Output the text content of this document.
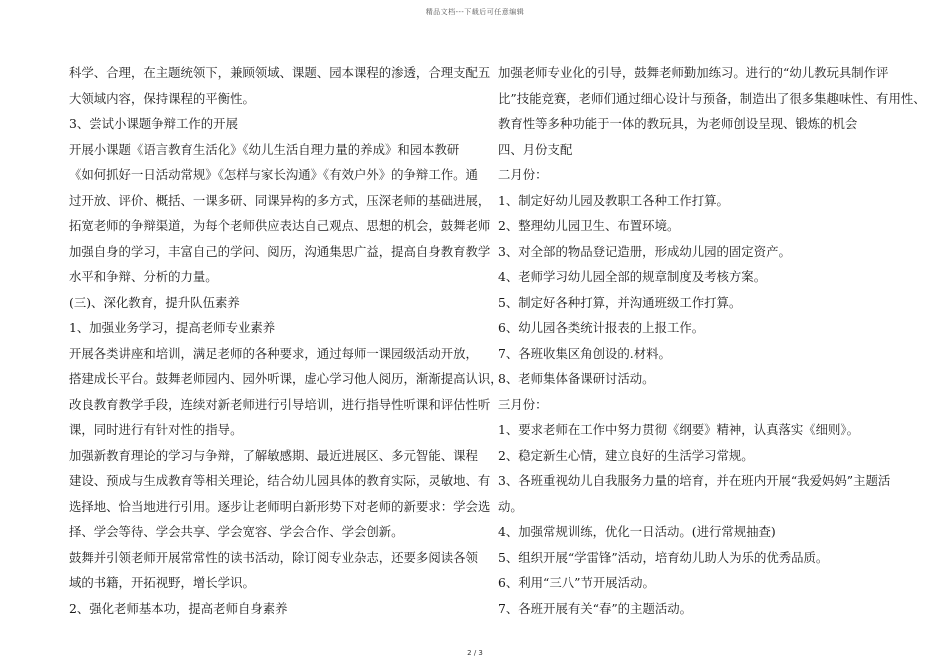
精品文档---下载后可任意编辑
科学、合理，在主题统领下，兼顾领域、课题、园本课程的渗透，合理支配五
大领域内容，保持课程的平衡性。
3、尝试小课题争辩工作的开展
开展小课题《语言教育生活化》《幼儿生活自理力量的养成》和园本教研
《如何抓好一日活动常规》《怎样与家长沟通》《有效户外》的争辩工作。通
过开放、评价、概括、一课多研、同课异构的多方式，压深老师的基础进展，
拓宽老师的争辩渠道，为每个老师供应表达自己观点、思想的机会，鼓舞老师
加强自身的学习，丰富自己的学问、阅历，沟通集思广益，提高自身教育教学
水平和争辩、分析的力量。
(三)、深化教育，提升队伍素养
1、加强业务学习，提高老师专业素养
开展各类讲座和培训，满足老师的各种要求，通过每师一课园级活动开放，
搭建成长平台。鼓舞老师园内、园外听课，虚心学习他人阅历，渐渐提高认识，
改良教育教学手段，连续对新老师进行引导培训，进行指导性听课和评估性听
课，同时进行有针对性的指导。
加强新教育理论的学习与争辩，了解敏感期、最近进展区、多元智能、课程
建设、预成与生成教育等相关理论，结合幼儿园具体的教育实际，灵敏地、有
选择地、恰当地进行引用。逐步让老师明白新形势下对老师的新要求：学会选
择、学会等待、学会共享、学会宽容、学会合作、学会创新。
鼓舞并引领老师开展常常性的读书活动，除订阅专业杂志，还要多阅读各领
域的书籍，开拓视野，增长学识。
2、强化老师基本功，提高老师自身素养
加强老师专业化的引导，鼓舞老师勤加练习。进行的“幼儿教玩具制作评
比”技能竞赛，老师们通过细心设计与预备，制造出了很多集趣味性、有用性、
教育性等多种功能于一体的教玩具，为老师创设呈现、锻炼的机会
四、月份支配
二月份：
1、制定好幼儿园及教职工各种工作打算。
2、整理幼儿园卫生、布置环境。
3、对全部的物品登记造册，形成幼儿园的固定资产。
4、老师学习幼儿园全部的规章制度及考核方案。
5、制定好各种打算，并沟通班级工作打算。
6、幼儿园各类统计报表的上报工作。
7、各班收集区角创设的.材料。
8、老师集体备课研讨活动。
三月份：
1、要求老师在工作中努力贯彻《纲要》精神，认真落实《细则》。
2、稳定新生心情，建立良好的生活学习常规。
3、各班重视幼儿自我服务力量的培育，并在班内开展“我爱妈妈”主题活
动。
4、加强常规训练，优化一日活动。(进行常规抽查)
5、组织开展“学雷锋”活动，培育幼儿助人为乐的优秀品质。
6、利用“三八”节开展活动。
7、各班开展有关“春”的主题活动。
2 / 3
